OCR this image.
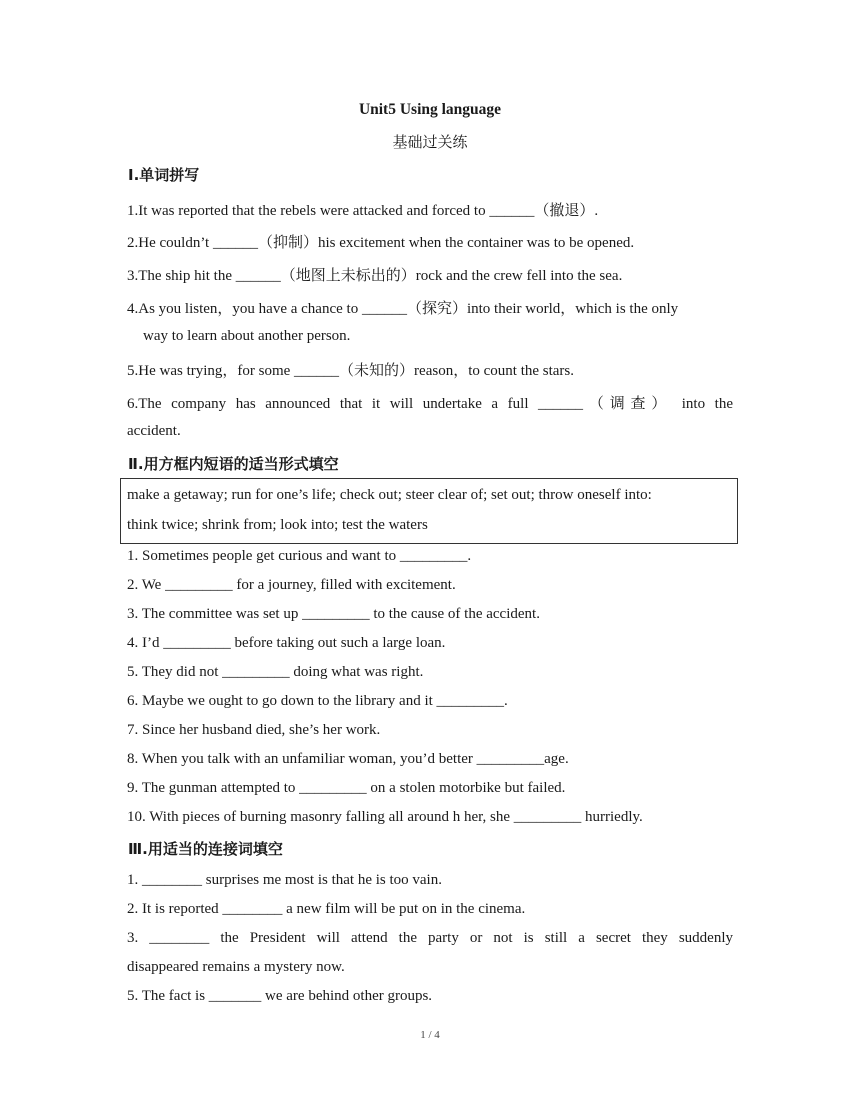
Unit5 Using language
基础过关练
Ⅰ.单词拼写
1.It was reported that the rebels were attacked and forced to ______（撤退）.
2.He couldn’t ______（抑制）his excitement when the container was to be opened.
3.The ship hit the ______（地图上未标出的）rock and the crew fell into the sea.
4.As you listen，you have a chance to ______（探究）into their world，which is the only
way to learn about another person.
5.He was trying，for some ______（未知的）reason，to count the stars.
6.The company has announced that it will undertake a full ______（调查） into the
accident.
Ⅱ.用方框内短语的适当形式填空
make a getaway; run for one’s life; check out; steer clear of; set out; throw oneself into:
think twice; shrink from; look into; test the waters
1. Sometimes people get curious and want to _________.
2. We _________ for a journey, filled with excitement.
3. The committee was set up _________ to the cause of the accident.
4. I’d _________ before taking out such a large loan.
5. They did not _________ doing what was right.
6. Maybe we ought to go down to the library and it _________.
7. Since her husband died, she’s her work.
8. When you talk with an unfamiliar woman, you’d better _________age.
9. The gunman attempted to _________ on a stolen motorbike but failed.
10. With pieces of burning masonry falling all around h her, she _________ hurriedly.
Ⅲ.用适当的连接词填空
1. ________ surprises me most is that he is too vain.
2. It is reported ________ a new film will be put on in the cinema.
3. ________ the President will attend the party or not is still a secret they suddenly
disappeared remains a mystery now.
5. The fact is _______ we are behind other groups.
1 / 4
